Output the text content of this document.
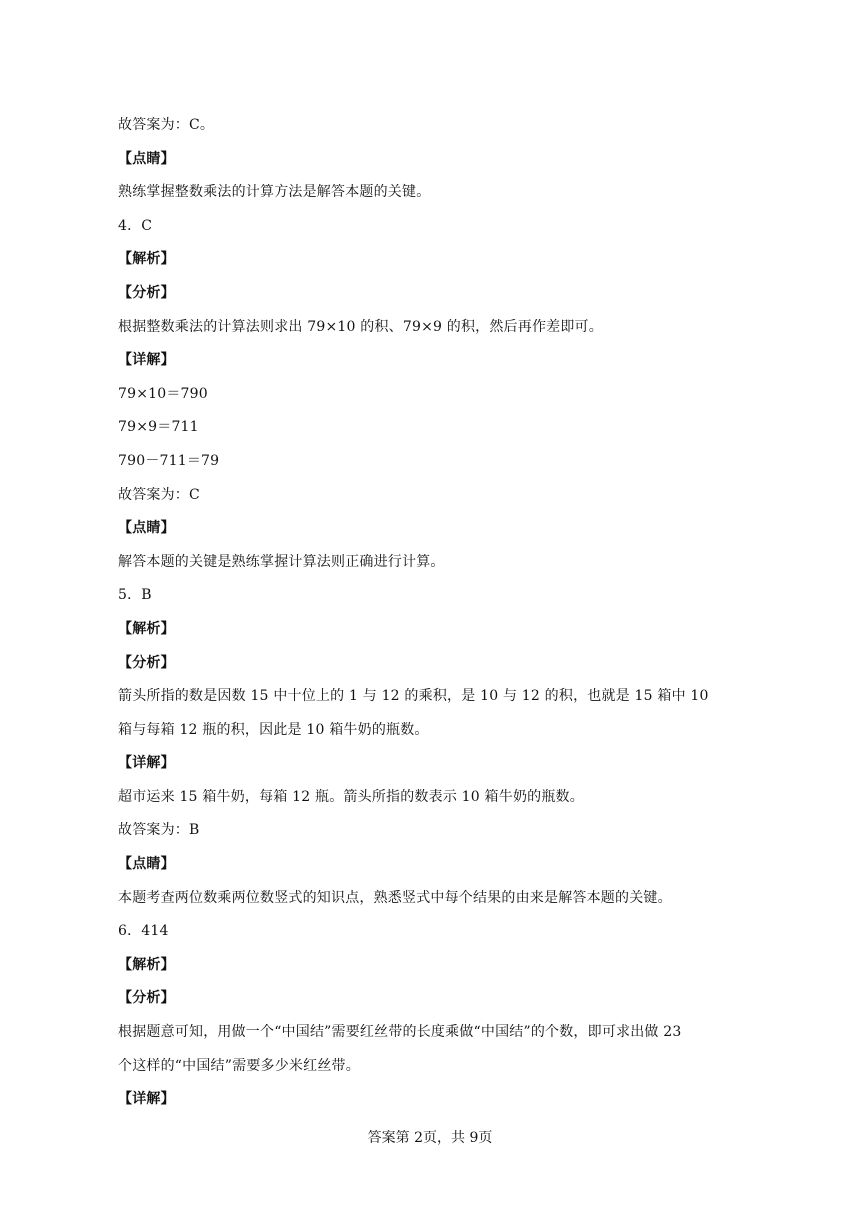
故答案为：C。
【点睛】
熟练掌握整数乘法的计算方法是解答本题的关键。
4．C
【解析】
【分析】
根据整数乘法的计算法则求出 79×10 的积、79×9 的积，然后再作差即可。
【详解】
79×10＝790
79×9＝711
790－711＝79
故答案为：C
【点睛】
解答本题的关键是熟练掌握计算法则正确进行计算。
5．B
【解析】
【分析】
箭头所指的数是因数 15 中十位上的 1 与 12 的乘积，是 10 与 12 的积，也就是 15 箱中 10
箱与每箱 12 瓶的积，因此是 10 箱牛奶的瓶数。
【详解】
超市运来 15 箱牛奶，每箱 12 瓶。箭头所指的数表示 10 箱牛奶的瓶数。
故答案为：B
【点睛】
本题考查两位数乘两位数竖式的知识点，熟悉竖式中每个结果的由来是解答本题的关键。
6．414
【解析】
【分析】
根据题意可知，用做一个“中国结”需要红丝带的长度乘做“中国结”的个数，即可求出做 23
个这样的“中国结”需要多少米红丝带。
【详解】
答案第 2页，共 9页
